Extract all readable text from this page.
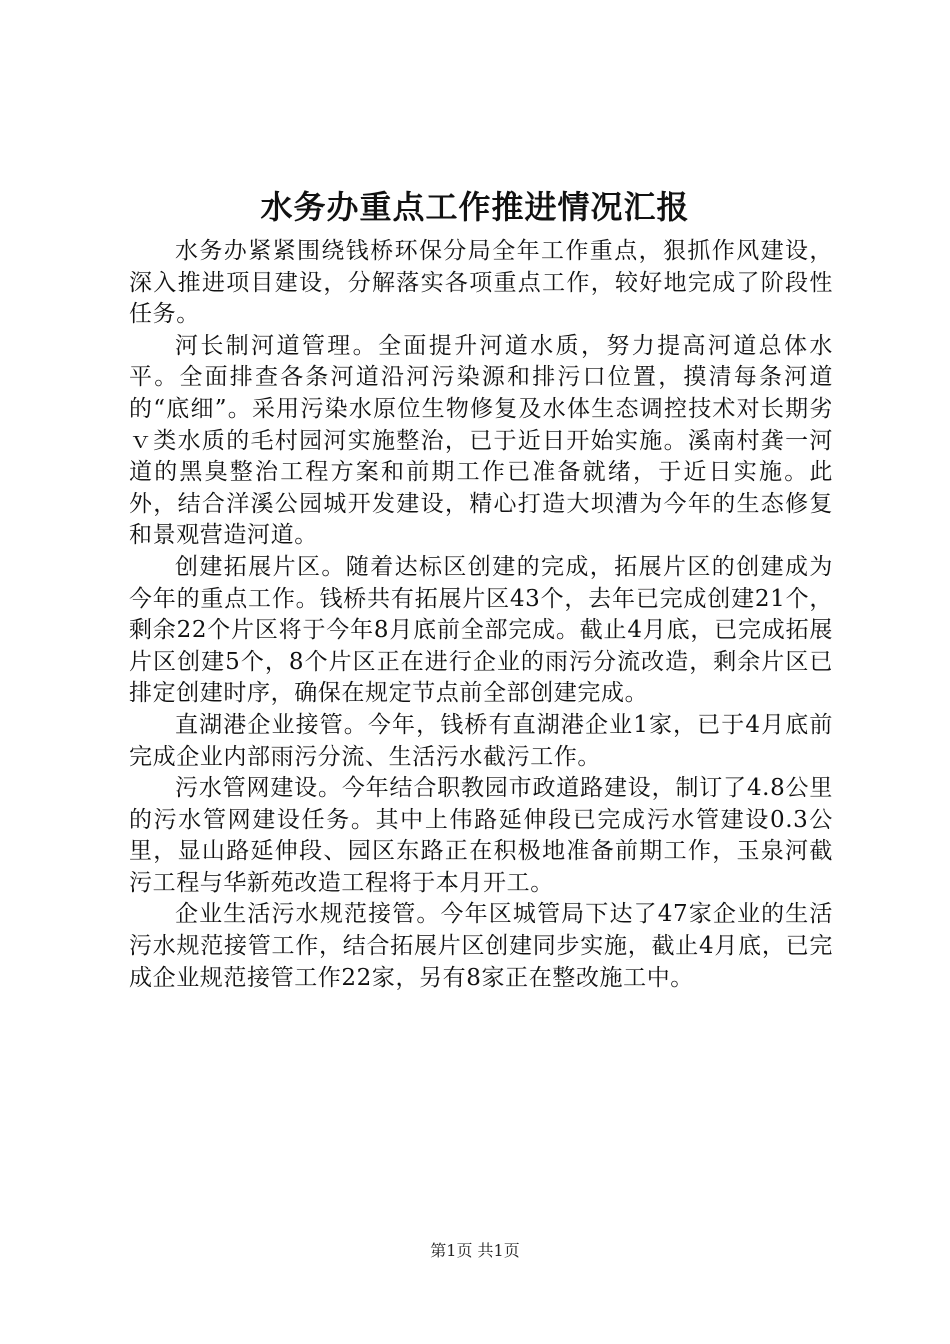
水务办重点工作推进情况汇报

水务办紧紧围绕钱桥环保分局全年工作重点，狠抓作风建设，深入推进项目建设，分解落实各项重点工作，较好地完成了阶段性任务。

河长制河道管理。全面提升河道水质，努力提高河道总体水平。全面排查各条河道沿河污染源和排污口位置，摸清每条河道的“底细”。采用污染水原位生物修复及水体生态调控技术对长期劣ｖ类水质的毛村园河实施整治，已于近日开始实施。溪南村龚一河道的黑臭整治工程方案和前期工作已准备就绪，于近日实施。此外，结合洋溪公园城开发建设，精心打造大坝漕为今年的生态修复和景观营造河道。

创建拓展片区。随着达标区创建的完成，拓展片区的创建成为今年的重点工作。钱桥共有拓展片区43个，去年已完成创建21个，剩余22个片区将于今年8月底前全部完成。截止4月底，已完成拓展片区创建5个，8个片区正在进行企业的雨污分流改造，剩余片区已排定创建时序，确保在规定节点前全部创建完成。

直湖港企业接管。今年，钱桥有直湖港企业1家，已于4月底前完成企业内部雨污分流、生活污水截污工作。

污水管网建设。今年结合职教园市政道路建设，制订了4.8公里的污水管网建设任务。其中上伟路延伸段已完成污水管建设0.3公里，显山路延伸段、园区东路正在积极地准备前期工作，玉泉河截污工程与华新苑改造工程将于本月开工。

企业生活污水规范接管。今年区城管局下达了47家企业的生活污水规范接管工作，结合拓展片区创建同步实施，截止4月底，已完成企业规范接管工作22家，另有8家正在整改施工中。

第1页 共1页
